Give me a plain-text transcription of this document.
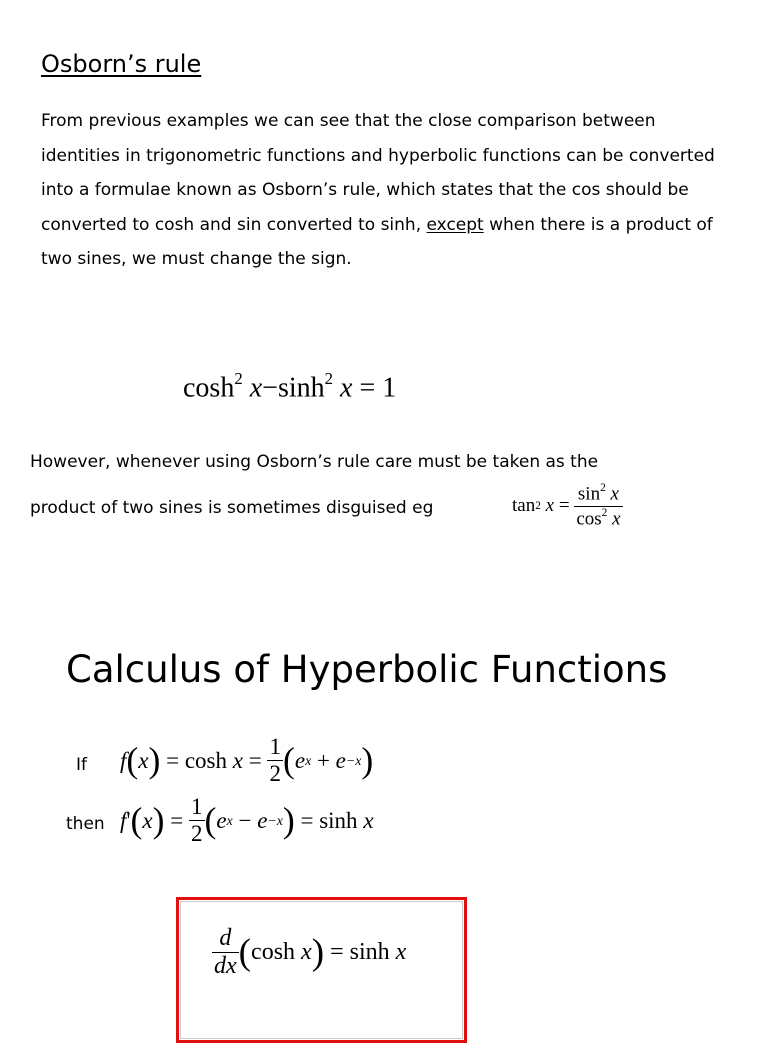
Osborn’s rule
From previous examples we can see that the close comparison between identities in trigonometric functions and hyperbolic functions can be converted into a formulae known as Osborn’s rule, which states that the cos should be converted to cosh and sin converted to sinh, except when there is a product of two sines, we must change the sign.
$\cosh^2 x-\sinh^2$ x = 1
However, whenever using Osborn’s rule care must be taken as the
product of two sines is sometimes disguised eg	tan 2
x
=
$\frac{\sin^2 x}{\cos^2 x}$
Calculus of Hyperbolic Functions
If f ( x )
=
cosh
x
=
$\frac{1}{2}$ ( e x
+
e −x )
then f ' ( x )
=
$\frac{1}{2}$ ( e x
−
e −x )
=
sinh
x
$\frac{d}{dx}$ ( cosh
x )
=
sinh
x
